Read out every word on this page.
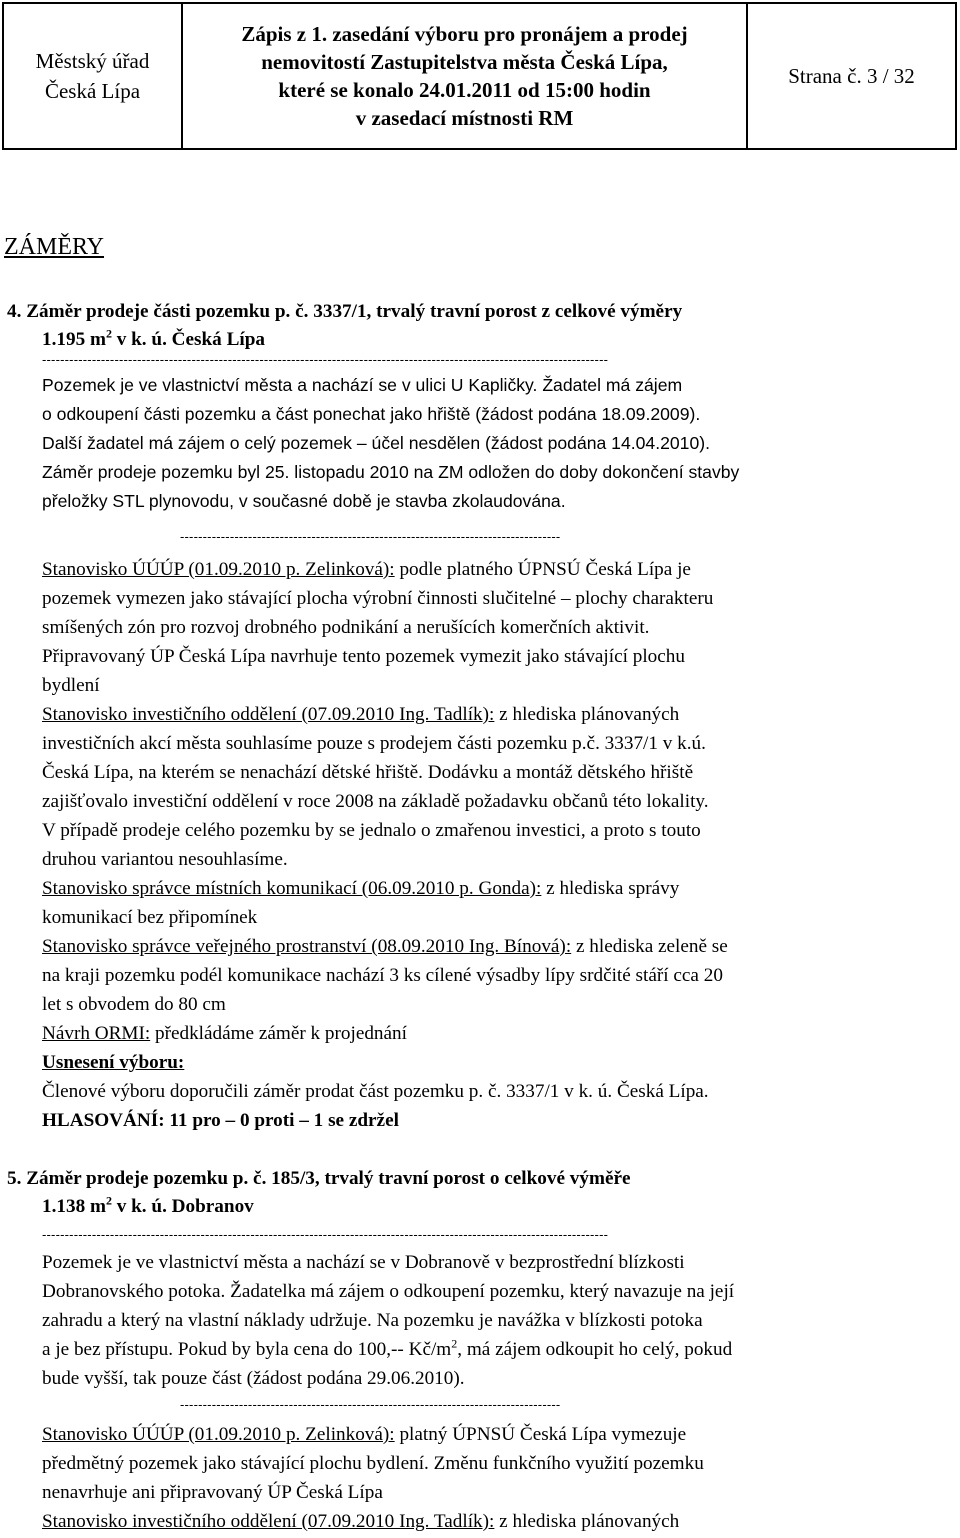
Městský úřad
Česká Lípa
Zápis z 1. zasedání výboru pro pronájem a prodej
nemovitostí Zastupitelstva města Česká Lípa,
které se konalo 24.01.2011 od 15:00 hodin
v zasedací místnosti RM
Strana č. 3 / 32
ZÁMĚRY
4. Záměr prodeje části pozemku p. č. 3337/1, trvalý travní porost z celkové výměry
1.195 $m^2$ v k. ú. Česká Lípa
-----------------------------------------------------------------------------------------------------------------------------
Pozemek je ve vlastnictví města a nachází se v ulici U Kapličky. Žadatel má zájem
o odkoupení části pozemku a část ponechat jako hřiště (žádost podána 18.09.2009).
Další žadatel má zájem o celý pozemek – účel nesdělen (žádost podána 14.04.2010).
Záměr prodeje pozemku byl 25. listopadu 2010 na ZM odložen do doby dokončení stavby
přeložky STL plynovodu, v současné době je stavba zkolaudována.
------------------------------------------------------------------------------------
Stanovisko ÚÚÚP (01.09.2010 p. Zelinková): podle platného ÚPNSÚ Česká Lípa je
pozemek vymezen jako stávající plocha výrobní činnosti slučitelné – plochy charakteru
smíšených zón pro rozvoj drobného podnikání a nerušících komerčních aktivit.
Připravovaný ÚP Česká Lípa navrhuje tento pozemek vymezit jako stávající plochu
bydlení
Stanovisko investičního oddělení (07.09.2010 Ing. Tadlík): z hlediska plánovaných
investičních akcí města souhlasíme pouze s prodejem části pozemku p.č. 3337/1 v k.ú.
Česká Lípa, na kterém se nenachází dětské hřiště. Dodávku a montáž dětského hřiště
zajišťovalo investiční oddělení v roce 2008 na základě požadavku občanů této lokality.
V případě prodeje celého pozemku by se jednalo o zmařenou investici, a proto s touto
druhou variantou nesouhlasíme.
Stanovisko správce místních komunikací (06.09.2010 p. Gonda): z hlediska správy
komunikací bez připomínek
Stanovisko správce veřejného prostranství (08.09.2010 Ing. Bínová): z hlediska zeleně se
na kraji pozemku podél komunikace nachází 3 ks cílené výsadby lípy srdčité stáří cca 20
let s obvodem do 80 cm
Návrh ORMI: předkládáme záměr k projednání
Usnesení výboru:
Členové výboru doporučili záměr prodat část pozemku p. č. 3337/1 v k. ú. Česká Lípa.
HLASOVÁNÍ: 11 pro – 0 proti – 1 se zdržel
5. Záměr prodeje pozemku p. č. 185/3, trvalý travní porost o celkové výměře
1.138 $m^2$ v k. ú. Dobranov
-----------------------------------------------------------------------------------------------------------------------------
Pozemek je ve vlastnictví města a nachází se v Dobranově v bezprostřední blízkosti
Dobranovského potoka. Žadatelka má zájem o odkoupení pozemku, který navazuje na její
zahradu a který na vlastní náklady udržuje. Na pozemku je navážka v blízkosti potoka
a je bez přístupu. Pokud by byla cena do 100,-- $Kč/m^2$, má zájem odkoupit ho celý, pokud
bude vyšší, tak pouze část (žádost podána 29.06.2010).
------------------------------------------------------------------------------------
Stanovisko ÚÚÚP (01.09.2010 p. Zelinková): platný ÚPNSÚ Česká Lípa vymezuje
předmětný pozemek jako stávající plochu bydlení. Změnu funkčního využití pozemku
nenavrhuje ani připravovaný ÚP Česká Lípa
Stanovisko investičního oddělení (07.09.2010 Ing. Tadlík): z hlediska plánovaných
